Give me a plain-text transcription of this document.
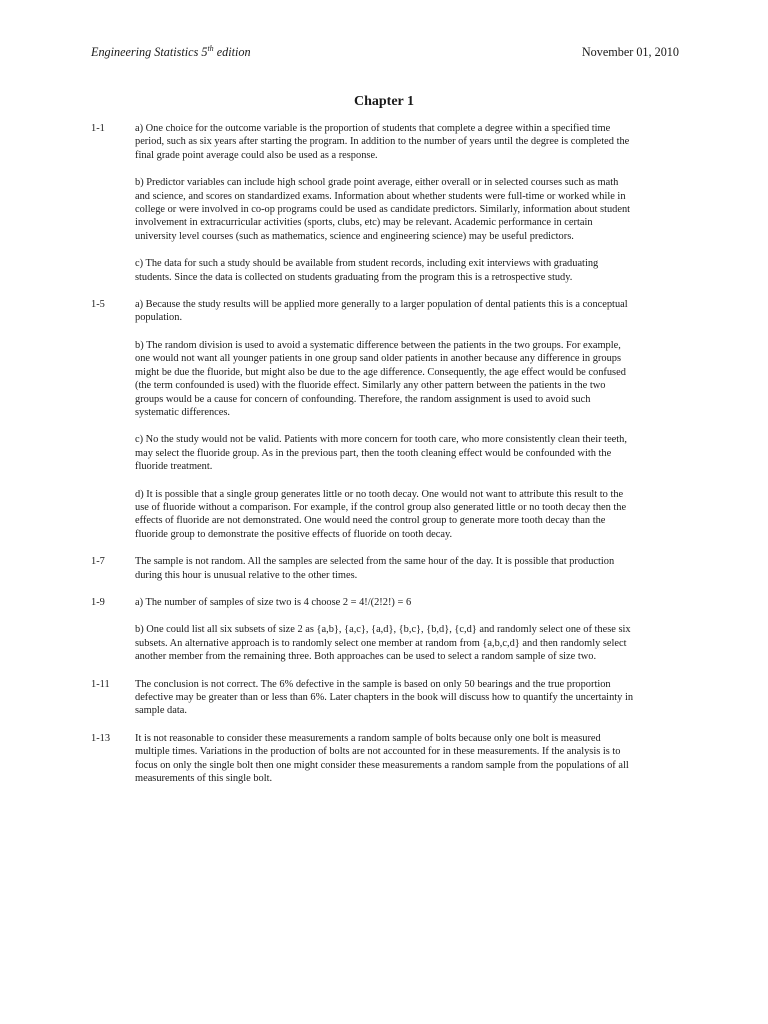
Engineering Statistics 5th edition	November 01, 2010
Chapter 1
1-1	a) One choice for the outcome variable is the proportion of students that complete a degree within a specified time
period, such as six years after starting the program. In addition to the number of years until the degree is completed the
final grade point average could also be used as a response.

b) Predictor variables can include high school grade point average, either overall or in selected courses such as math
and science, and scores on standardized exams. Information about whether students were full-time or worked while in
college or were involved in co-op programs could be used as candidate predictors. Similarly, information about student
involvement in extracurricular activities (sports, clubs, etc) may be relevant. Academic performance in certain
university level courses (such as mathematics, science and engineering science) may be useful predictors.

c) The data for such a study should be available from student records, including exit interviews with graduating
students. Since the data is collected on students graduating from the program this is a retrospective study.

1-5	a) Because the study results will be applied more generally to a larger population of dental patients this is a conceptual
population.

b) The random division is used to avoid a systematic difference between the patients in the two groups. For example,
one would not want all younger patients in one group sand older patients in another because any difference in groups
might be due the fluoride, but might also be due to the age difference. Consequently, the age effect would be confused
(the term confounded is used) with the fluoride effect. Similarly any other pattern between the patients in the two
groups would be a cause for concern of confounding. Therefore, the random assignment is used to avoid such
systematic differences.

c) No the study would not be valid. Patients with more concern for tooth care, who more consistently clean their teeth,
may select the fluoride group. As in the previous part, then the tooth cleaning effect would be confounded with the
fluoride treatment.

d) It is possible that a single group generates little or no tooth decay. One would not want to attribute this result to the
use of fluoride without a comparison. For example, if the control group also generated little or no tooth decay then the
effects of fluoride are not demonstrated. One would need the control group to generate more tooth decay than the
fluoride group to demonstrate the positive effects of fluoride on tooth decay.

1-7	The sample is not random. All the samples are selected from the same hour of the day. It is possible that production
during this hour is unusual relative to the other times.

1-9	a) The number of samples of size two is 4 choose 2 = 4!/(2!2!) = 6

b) One could list all six subsets of size 2 as {a,b}, {a,c}, {a,d}, {b,c}, {b,d}, {c,d} and randomly select one of these six
subsets. An alternative approach is to randomly select one member at random from {a,b,c,d} and then randomly select
another member from the remaining three. Both approaches can be used to select a random sample of size two.

1-11 The conclusion is not correct. The 6% defective in the sample is based on only 50 bearings and the true proportion
defective may be greater than or less than 6%. Later chapters in the book will discuss how to quantify the uncertainty in
sample data.

1-13 It is not reasonable to consider these measurements a random sample of bolts because only one bolt is measured
multiple times. Variations in the production of bolts are not accounted for in these measurements. If the analysis is to
focus on only the single bolt then one might consider these measurements a random sample from the populations of all
measurements of this single bolt.
